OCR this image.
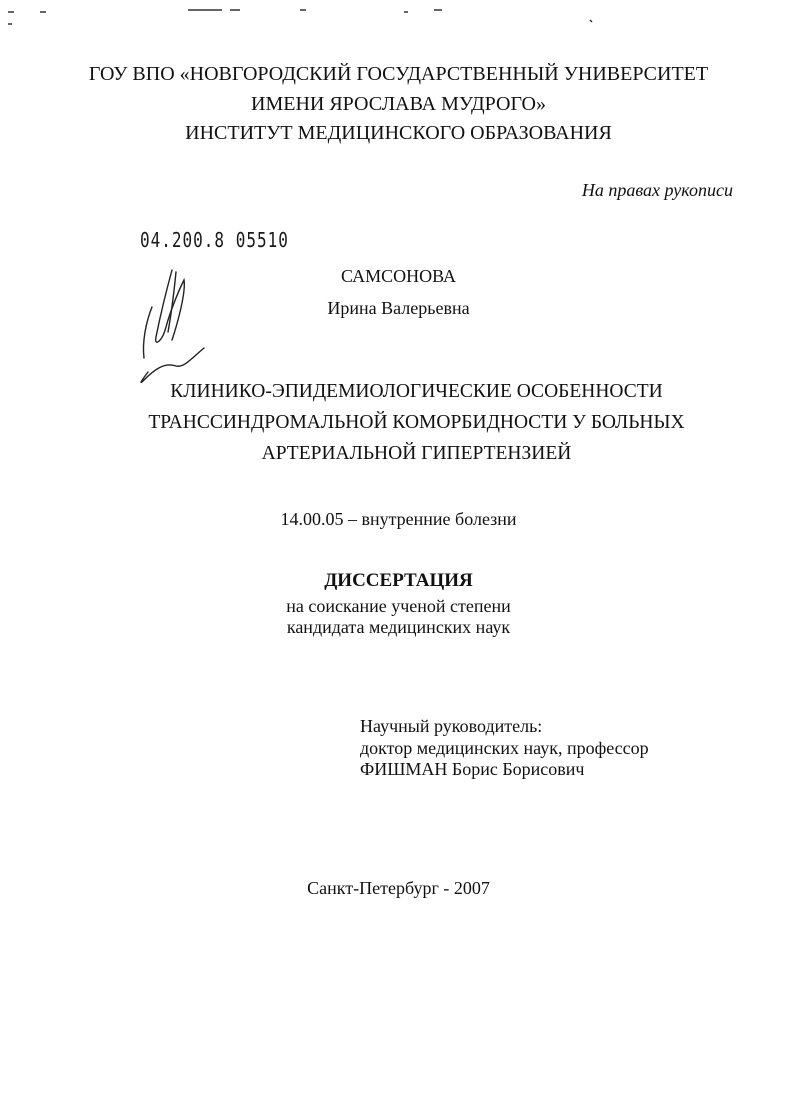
ГОУ ВПО «НОВГОРОДСКИЙ ГОСУДАРСТВЕННЫЙ УНИВЕРСИТЕТ
ИМЕНИ ЯРОСЛАВА МУДРОГО»
ИНСТИТУТ МЕДИЦИНСКОГО ОБРАЗОВАНИЯ
На правах рукописи
04.200.8 05510
САМСОНОВА
Ирина Валерьевна
КЛИНИКО-ЭПИДЕМИОЛОГИЧЕСКИЕ ОСОБЕННОСТИ
ТРАНССИНДРОМАЛЬНОЙ КОМОРБИДНОСТИ У БОЛЬНЫХ
АРТЕРИАЛЬНОЙ ГИПЕРТЕНЗИЕЙ
14.00.05 – внутренние болезни
ДИССЕРТАЦИЯ
на соискание ученой степени
кандидата медицинских наук
Научный руководитель:
доктор медицинских наук, профессор
ФИШМАН Борис Борисович
Санкт-Петербург - 2007
